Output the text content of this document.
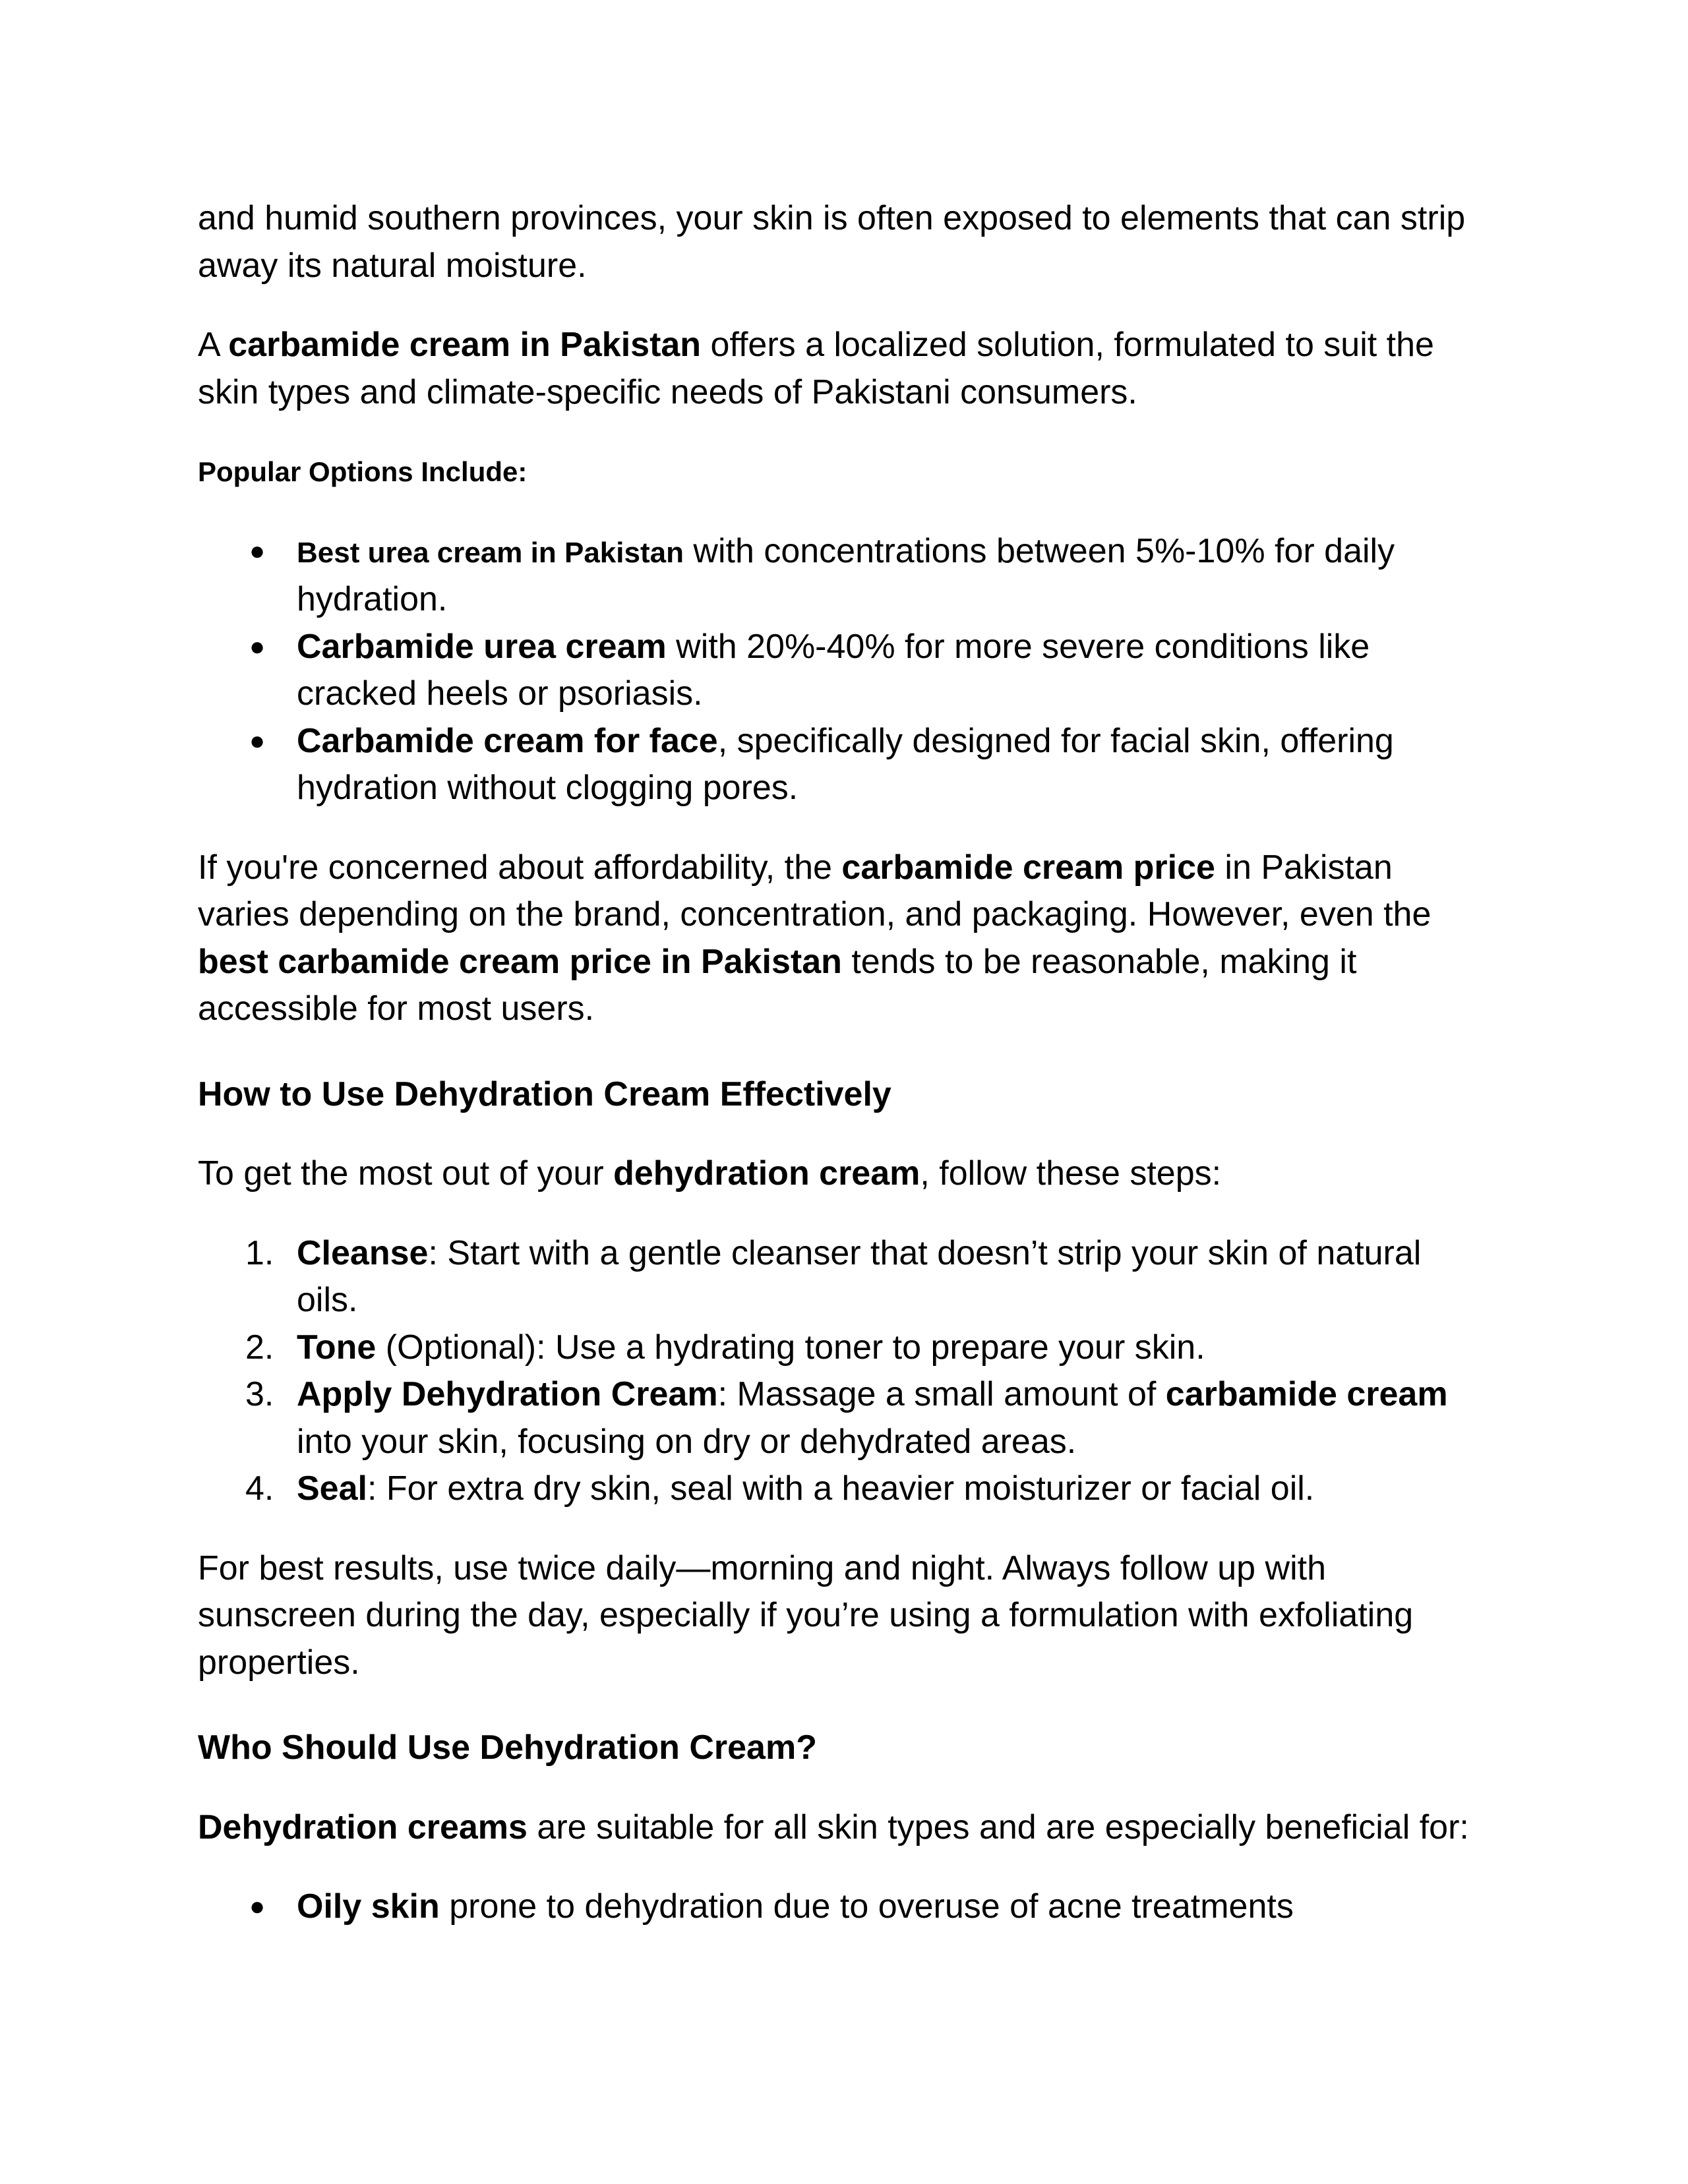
and humid southern provinces, your skin is often exposed to elements that can strip away its natural moisture.

A carbamide cream in Pakistan offers a localized solution, formulated to suit the skin types and climate-specific needs of Pakistani consumers.

Popular Options Include:
● Best urea cream in Pakistan with concentrations between 5%-10% for daily hydration.
● Carbamide urea cream with 20%-40% for more severe conditions like cracked heels or psoriasis.
● Carbamide cream for face, specifically designed for facial skin, offering hydration without clogging pores.

If you're concerned about affordability, the carbamide cream price in Pakistan varies depending on the brand, concentration, and packaging. However, even the best carbamide cream price in Pakistan tends to be reasonable, making it accessible for most users.

How to Use Dehydration Cream Effectively

To get the most out of your dehydration cream, follow these steps:

1. Cleanse: Start with a gentle cleanser that doesn’t strip your skin of natural oils.
2. Tone (Optional): Use a hydrating toner to prepare your skin.
3. Apply Dehydration Cream: Massage a small amount of carbamide cream into your skin, focusing on dry or dehydrated areas.
4. Seal: For extra dry skin, seal with a heavier moisturizer or facial oil.

For best results, use twice daily—morning and night. Always follow up with sunscreen during the day, especially if you’re using a formulation with exfoliating properties.

Who Should Use Dehydration Cream?

Dehydration creams are suitable for all skin types and are especially beneficial for:

● Oily skin prone to dehydration due to overuse of acne treatments
